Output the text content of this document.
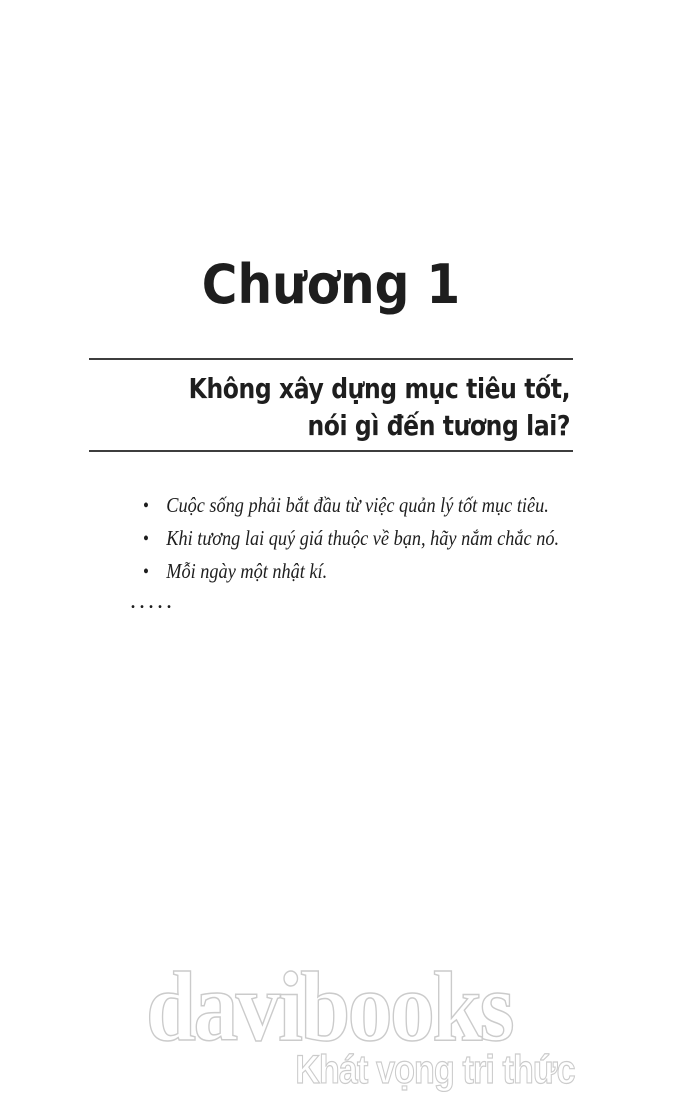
Chương 1
Không xây dựng mục tiêu tốt,
nói gì đến tương lai?
• Cuộc sống phải bắt đầu từ việc quản lý tốt mục tiêu.
• Khi tương lai quý giá thuộc về bạn, hãy nắm chắc nó.
• Mỗi ngày một nhật kí.
.....
davibooks
Khát vọng tri thức
